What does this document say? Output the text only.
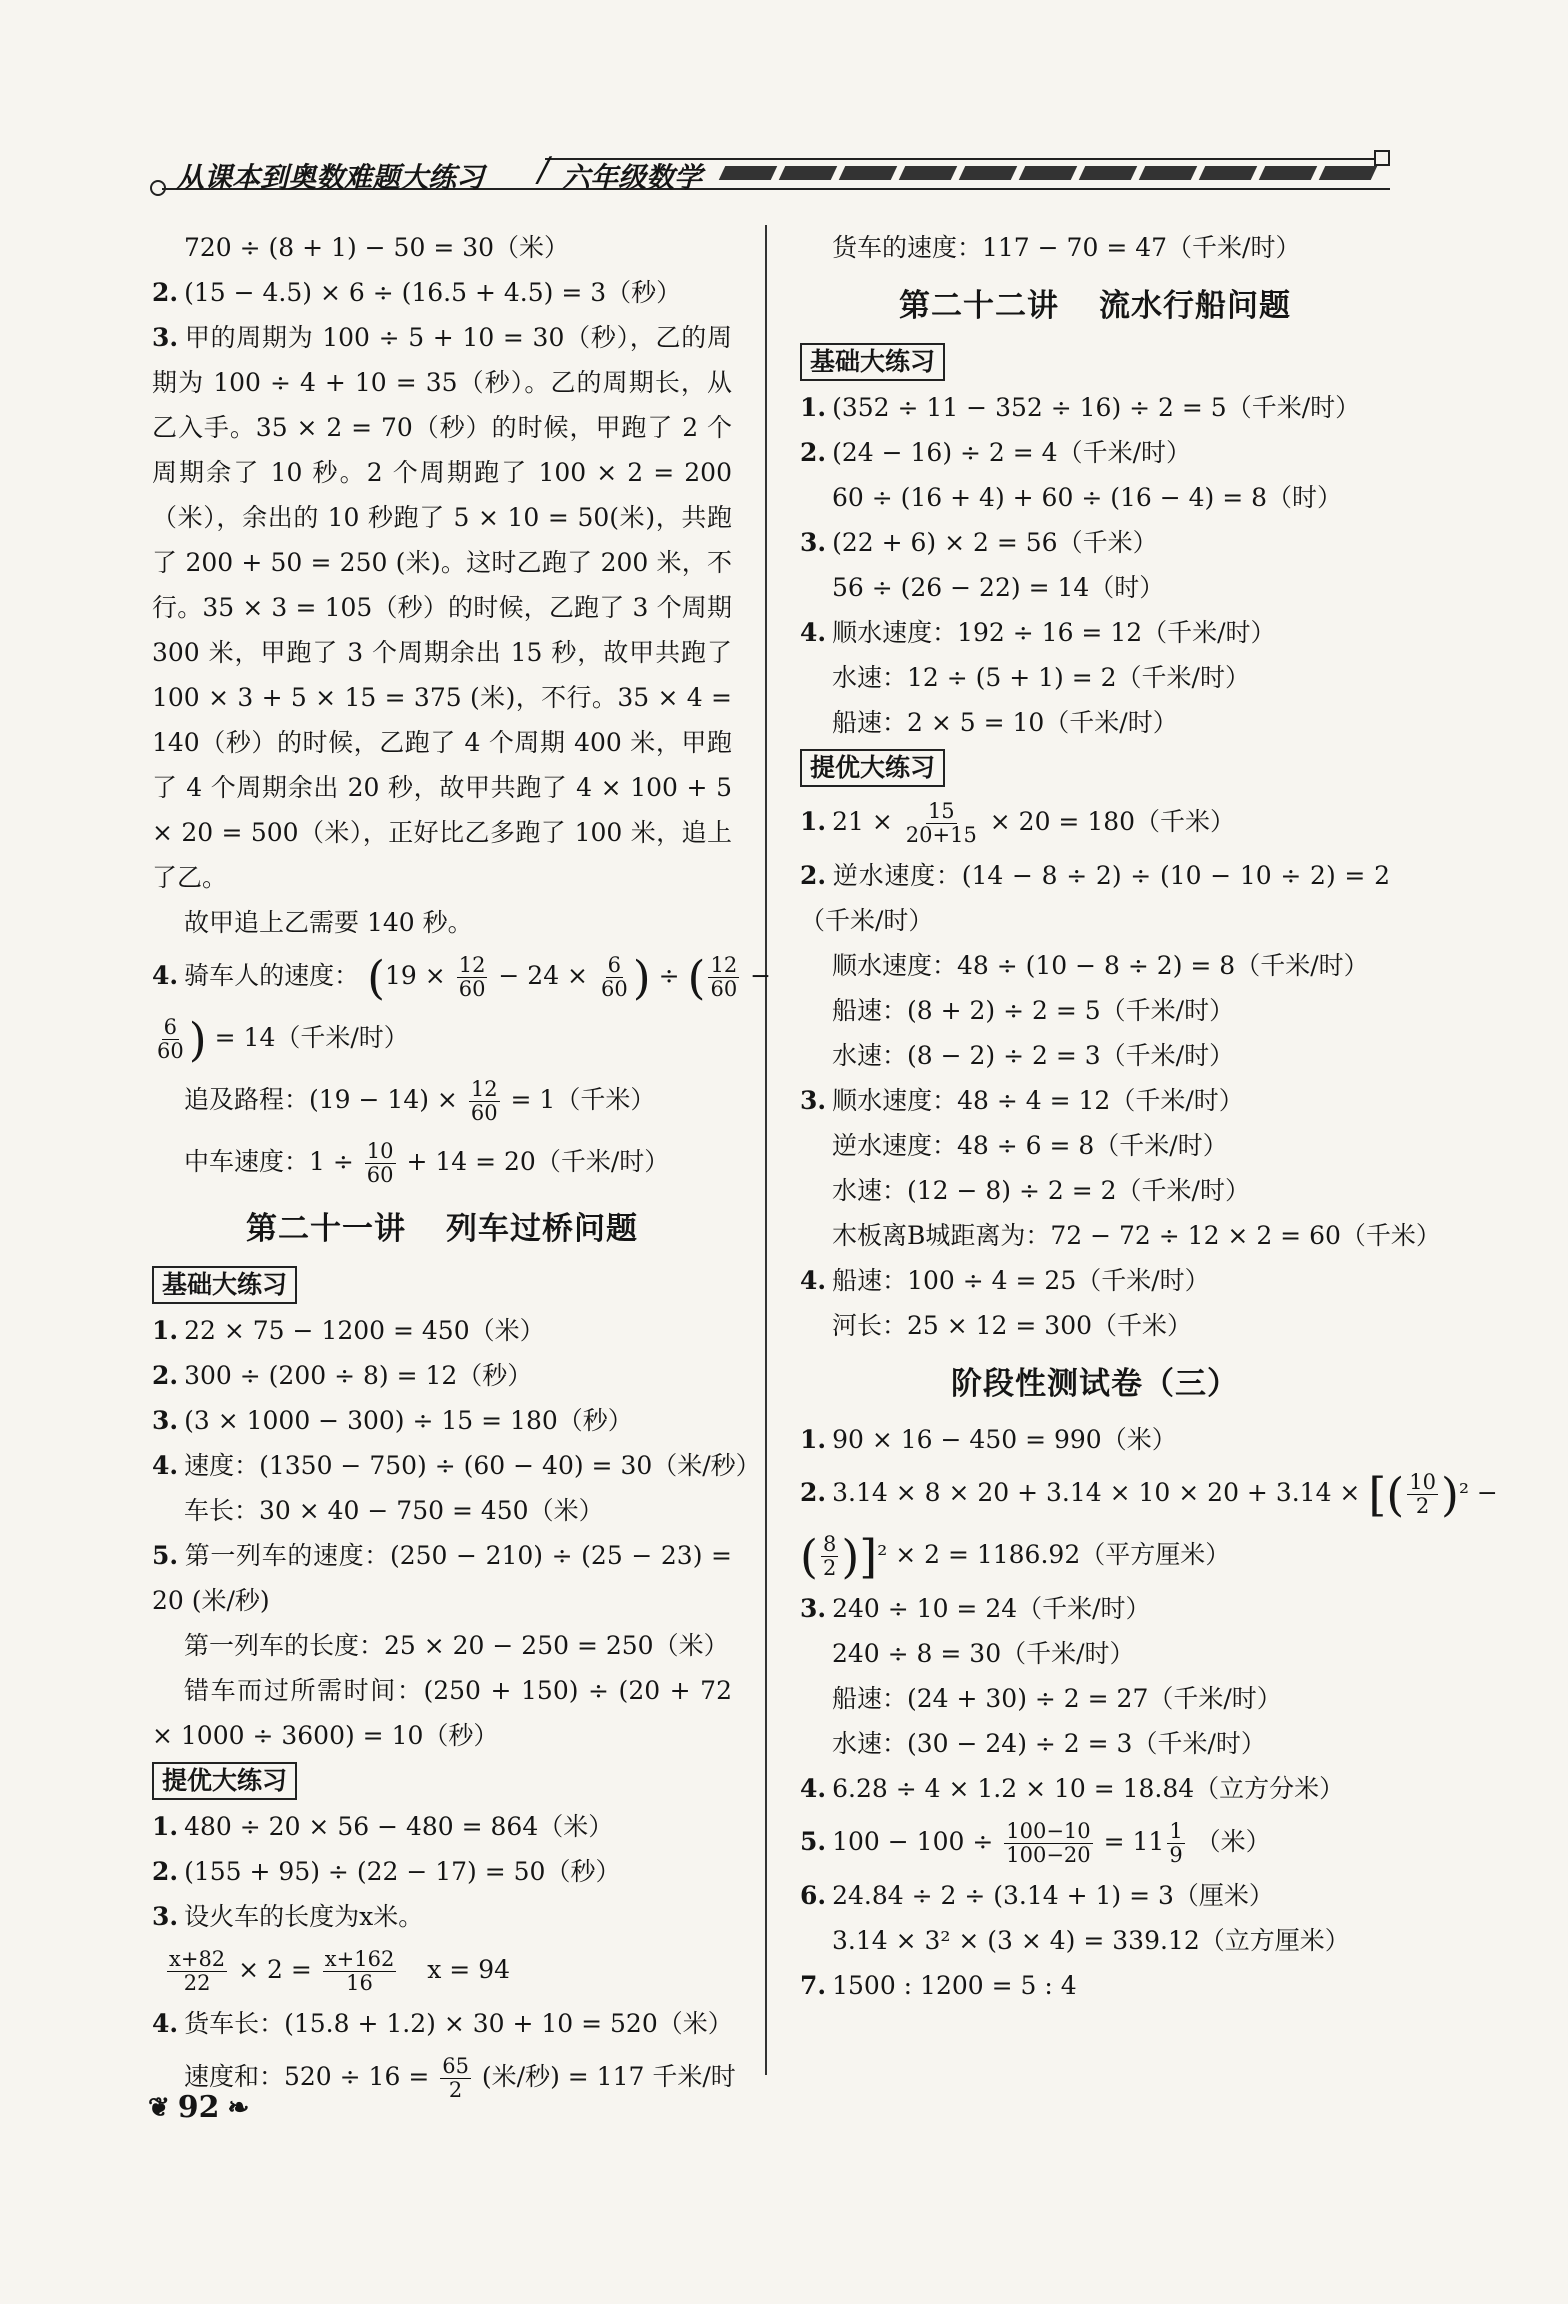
从课本到奥数难题大练习 / 六年级数学
720 ÷ (8 + 1) − 50 = 30（米）
2. (15 − 4.5) × 6 ÷ (16.5 + 4.5) = 3（秒）
3. 甲的周期为 100 ÷ 5 + 10 = 30（秒），乙的周期为 100 ÷ 4 + 10 = 35（秒）。乙的周期长，从乙入手。35 × 2 = 70（秒）的时候，甲跑了 2 个周期余了 10 秒。2 个周期跑了 100 × 2 = 200（米），余出的 10 秒跑了 5 × 10 = 50(米)，共跑了 200 + 50 = 250 (米)。这时乙跑了 200 米，不行。35 × 3 = 105（秒）的时候，乙跑了 3 个周期 300 米，甲跑了 3 个周期余出 15 秒，故甲共跑了 100 × 3 + 5 × 15 = 375 (米)，不行。35 × 4 = 140（秒）的时候，乙跑了 4 个周期 400 米，甲跑了 4 个周期余出 20 秒，故甲共跑了 4 × 100 + 5 × 20 = 500（米），正好比乙多跑了 100 米，追上了乙。
故甲追上乙需要 140 秒。
4. 骑车人的速度： ($19 \times \frac{12}{60} - 24 \times \frac{6}{60}$ ) ÷ ( $\frac{12}{60}$ −
$\frac{6}{60}$ ) = 14（千米/时）
追及路程：$(19 - 14) \times \frac{12}{60} = 1$（千米）
中车速度：$1 \div \frac{10}{60} + 14 = 20$（千米/时）
第二十一讲 列车过桥问题
基础大练习
1. 22 × 75 − 1200 = 450（米）
2. 300 ÷ (200 ÷ 8) = 12（秒）
3. (3 × 1000 − 300) ÷ 15 = 180（秒）
4. 速度：(1350 − 750) ÷ (60 − 40) = 30（米/秒）
车长：30 × 40 − 750 = 450（米）
5. 第一列车的速度：(250 − 210) ÷ (25 − 23) = 20 (米/秒)
第一列车的长度：25 × 20 − 250 = 250（米）
错车而过所需时间：(250 + 150) ÷ (20 + 72 × 1000 ÷ 3600) = 10（秒）
提优大练习
1. 480 ÷ 20 × 56 − 480 = 864（米）
2. (155 + 95) ÷ (22 − 17) = 50（秒）
3. 设火车的长度为x米。
$\frac{x+82}{22} \times 2 = \frac{x+162}{16}$ x = 94
4. 货车长：(15.8 + 1.2) × 30 + 10 = 520（米）
速度和：$520 \div 16 = \frac{65}{2}$ (米/秒) = 117 千米/时
货车的速度：117 − 70 = 47（千米/时）
第二十二讲 流水行船问题
基础大练习
1. (352 ÷ 11 − 352 ÷ 16) ÷ 2 = 5（千米/时）
2. (24 − 16) ÷ 2 = 4（千米/时）
60 ÷ (16 + 4) + 60 ÷ (16 − 4) = 8（时）
3. (22 + 6) × 2 = 56（千米）
56 ÷ (26 − 22) = 14（时）
4. 顺水速度：192 ÷ 16 = 12（千米/时）
水速：12 ÷ (5 + 1) = 2（千米/时）
船速：2 × 5 = 10（千米/时）
提优大练习
1. $21 \times \frac{15}{20+15} \times 20 = 180$（千米）
2. 逆水速度：(14 − 8 ÷ 2) ÷ (10 − 10 ÷ 2) = 2（千米/时）
顺水速度：48 ÷ (10 − 8 ÷ 2) = 8（千米/时）
船速：(8 + 2) ÷ 2 = 5（千米/时）
水速：(8 − 2) ÷ 2 = 3（千米/时）
3. 顺水速度：48 ÷ 4 = 12（千米/时）
逆水速度：48 ÷ 6 = 8（千米/时）
水速：(12 − 8) ÷ 2 = 2（千米/时）
木板离B城距离为：72 − 72 ÷ 12 × 2 = 60（千米）
4. 船速：100 ÷ 4 = 25（千米/时）
河长：25 × 12 = 300（千米）
阶段性测试卷（三）
1. 90 × 16 − 450 = 990（米）
2. 3.14 × 8 × 20 + 3.14 × 10 × 20 + 3.14 × [( $\frac{10}{2} )^2$ −
( $\frac{8}{2} )]^2 \times 2 = 1186.92$（平方厘米）
3. 240 ÷ 10 = 24（千米/时）
240 ÷ 8 = 30（千米/时）
船速：(24 + 30) ÷ 2 = 27（千米/时）
水速：(30 − 24) ÷ 2 = 3（千米/时）
4. 6.28 ÷ 4 × 1.2 × 10 = 18.84（立方分米）
5. $100 - 100 \div \frac{100-10}{100-20} = 11 \frac{1}{9}$ （米）
6. 24.84 ÷ 2 ÷ (3.14 + 1) = 3（厘米）
3.14 × 3² × (3 × 4) = 339.12（立方厘米）
7. 1500 : 1200 = 5 : 4
❦ 92 ❧
